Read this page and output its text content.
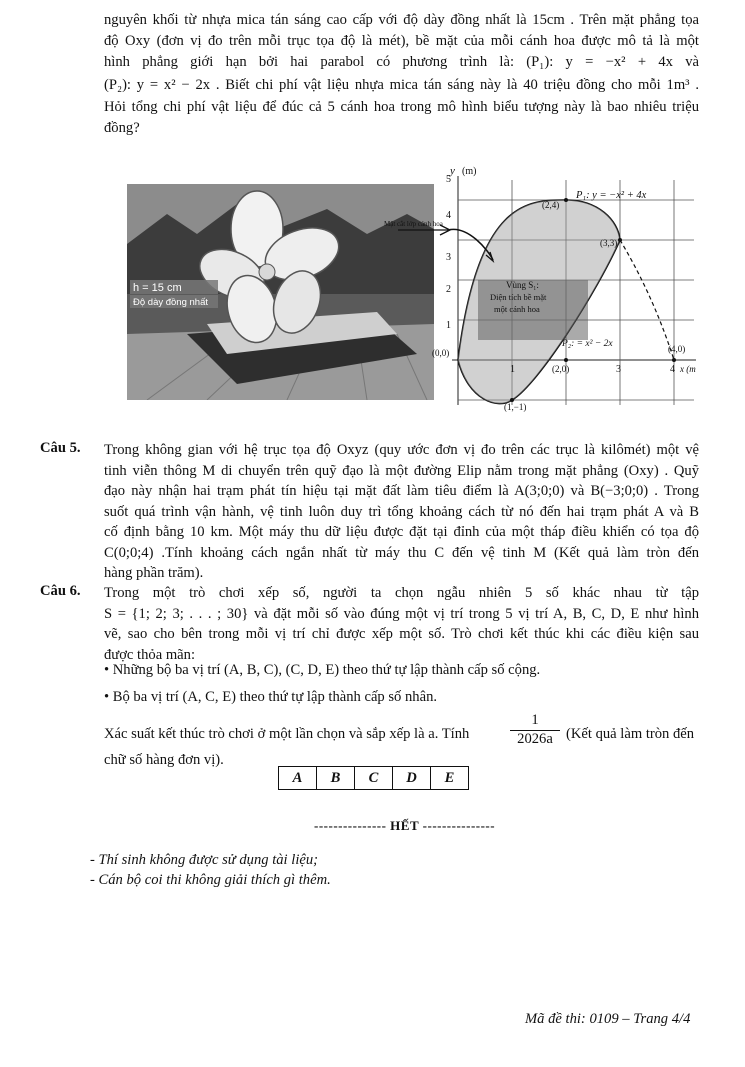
nguyên khối từ nhựa mica tán sáng cao cấp với độ dày đồng nhất là 15cm . Trên mặt phẳng tọa
độ Oxy (đơn vị đo trên mỗi trục tọa độ là mét), bề mặt của mỗi cánh hoa được mô tả là một
hình phẳng giới hạn bởi hai parabol có phương trình là: (P₁): y = −x² + 4x và
(P₂): y = x² − 2x . Biết chi phí vật liệu nhựa mica tán sáng này là 40 triệu đồng cho mỗi 1m³ .
Hỏi tổng chi phí vật liệu để đúc cả 5 cánh hoa trong mô hình biểu tượng này là bao nhiêu triệu
đồng?
h = 15 cm
Độ dày đồng nhất
Mặt cắt lớp cánh hoa
y (m)
5
4
3
2
1
1	3	4 x (m
(0,0)
P₁: y = −x² + 4x
P₂: = x² − 2x
(2,4)
(3,3)
(4,0)
(2,0)
(1,−1)
Vùng S₁:
Diện tích bề mặt
một cánh hoa
Câu 5. Trong không gian với hệ trục tọa độ Oxyz (quy ước đơn vị đo trên các trục là kilômét) một vệ
tinh viễn thông M di chuyển trên quỹ đạo là một đường Elip nằm trong mặt phẳng (Oxy) . Quỹ
đạo này nhận hai trạm phát tín hiệu tại mặt đất làm tiêu điểm là A(3;0;0) và B(−3;0;0) . Trong
suốt quá trình vận hành, vệ tinh luôn duy trì tổng khoảng cách từ nó đến hai trạm phát A và B
cố định bằng 10 km. Một máy thu dữ liệu được đặt tại đỉnh của một tháp điều khiển có tọa độ
C(0;0;4) .Tính khoảng cách ngắn nhất từ máy thu C đến vệ tinh M (Kết quả làm tròn đến
hàng phần trăm).
Câu 6. Trong một trò chơi xếp số, người ta chọn ngẫu nhiên 5 số khác nhau từ tập
S = {1; 2; 3; . . . ; 30} và đặt mỗi số vào đúng một vị trí trong 5 vị trí A, B, C, D, E như hình
vẽ, sao cho bên trong mỗi vị trí chỉ được xếp một số. Trò chơi kết thúc khi các điều kiện sau
được thỏa mãn:
• Những bộ ba vị trí (A, B, C), (C, D, E) theo thứ tự lập thành cấp số cộng.
• Bộ ba vị trí (A, C, E) theo thứ tự lập thành cấp số nhân.
Xác suất kết thúc trò chơi ở một lần chọn và sắp xếp là a. Tính	$\frac{1}{2026a}$ (Kết quả làm tròn đến
chữ số hàng đơn vị).
A	B	C	D	E
--------------- HẾT ---------------
- Thí sinh không được sử dụng tài liệu;
- Cán bộ coi thi không giải thích gì thêm.
Mã đề thi: 0109 – Trang 4/4
